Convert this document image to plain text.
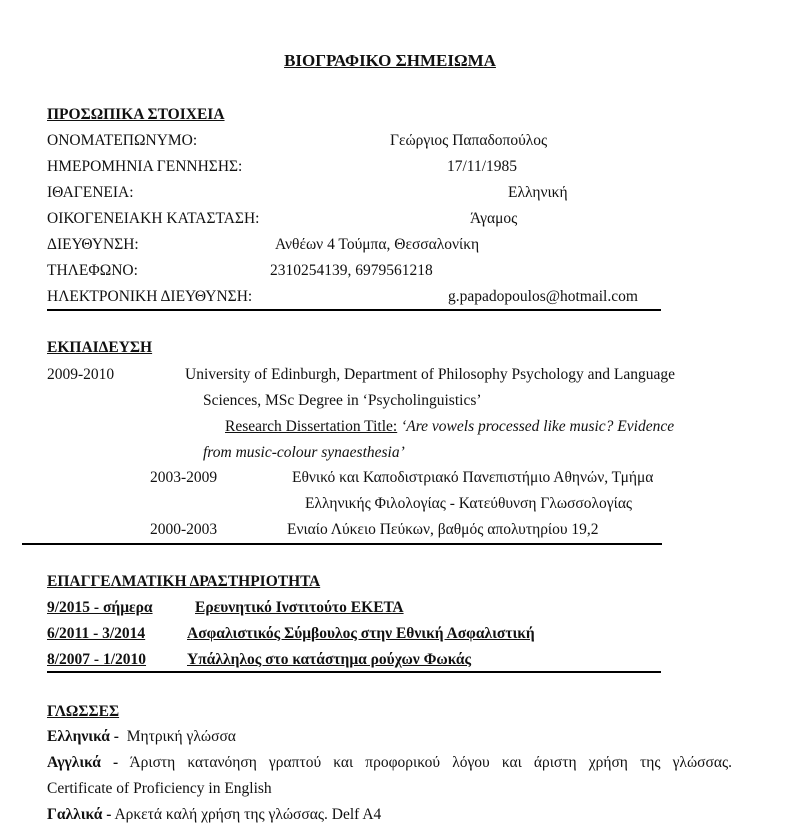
ΒΙΟΓΡΑΦΙΚΟ ΣΗΜΕΙΩΜΑ
ΠΡΟΣΩΠΙΚΑ ΣΤΟΙΧΕΙΑ
ΟΝΟΜΑΤΕΠΩΝΥΜΟ:	Γεώργιος Παπαδοπούλος
ΗΜΕΡΟΜΗΝΙΑ ΓΕΝΝΗΣΗΣ:	17/11/1985
ΙΘΑΓΕΝΕΙΑ:	Ελληνική
ΟΙΚΟΓΕΝΕΙΑΚΗ ΚΑΤΑΣΤΑΣΗ:	Άγαμος
ΔΙΕΥΘΥΝΣΗ:	Ανθέων 4 Τούμπα, Θεσσαλονίκη
ΤΗΛΕΦΩΝΟ:	2310254139, 6979561218
ΗΛΕΚΤΡΟΝΙΚΗ ΔΙΕΥΘΥΝΣΗ:	g.papadopoulos@hotmail.com
ΕΚΠΑΙΔΕΥΣΗ
2009-2010	University of Edinburgh, Department of Philosophy Psychology and Language
Sciences, MSc Degree in ‘Psycholinguistics’
Research Dissertation Title: ‘Are vowels processed like music? Evidence
from music-colour synaesthesia’
2003-2009	Εθνικό και Καποδιστριακό Πανεπιστήμιο Αθηνών, Τμήμα
Ελληνικής Φιλολογίας - Κατεύθυνση Γλωσσολογίας
2000-2003	Ενιαίο Λύκειο Πεύκων, βαθμός απολυτηρίου 19,2
ΕΠΑΓΓΕΛΜΑΤΙΚΗ ΔΡΑΣΤΗΡΙΟΤΗΤΑ
9/2015 - σήμερα	Ερευνητικό Ινστιτούτο ΕΚΕΤΑ
6/2011 - 3/2014	Ασφαλιστικός Σύμβουλος στην Εθνική Ασφαλιστική
8/2007 - 1/2010	Υπάλληλος στο κατάστημα ρούχων Φωκάς
ΓΛΩΣΣΕΣ
Ελληνικά - Μητρική γλώσσα
Αγγλικά - Άριστη κατανόηση γραπτού και προφορικού λόγου και άριστη χρήση της γλώσσας.
Certificate of Proficiency in English
Γαλλικά - Αρκετά καλή χρήση της γλώσσας. Delf A4
